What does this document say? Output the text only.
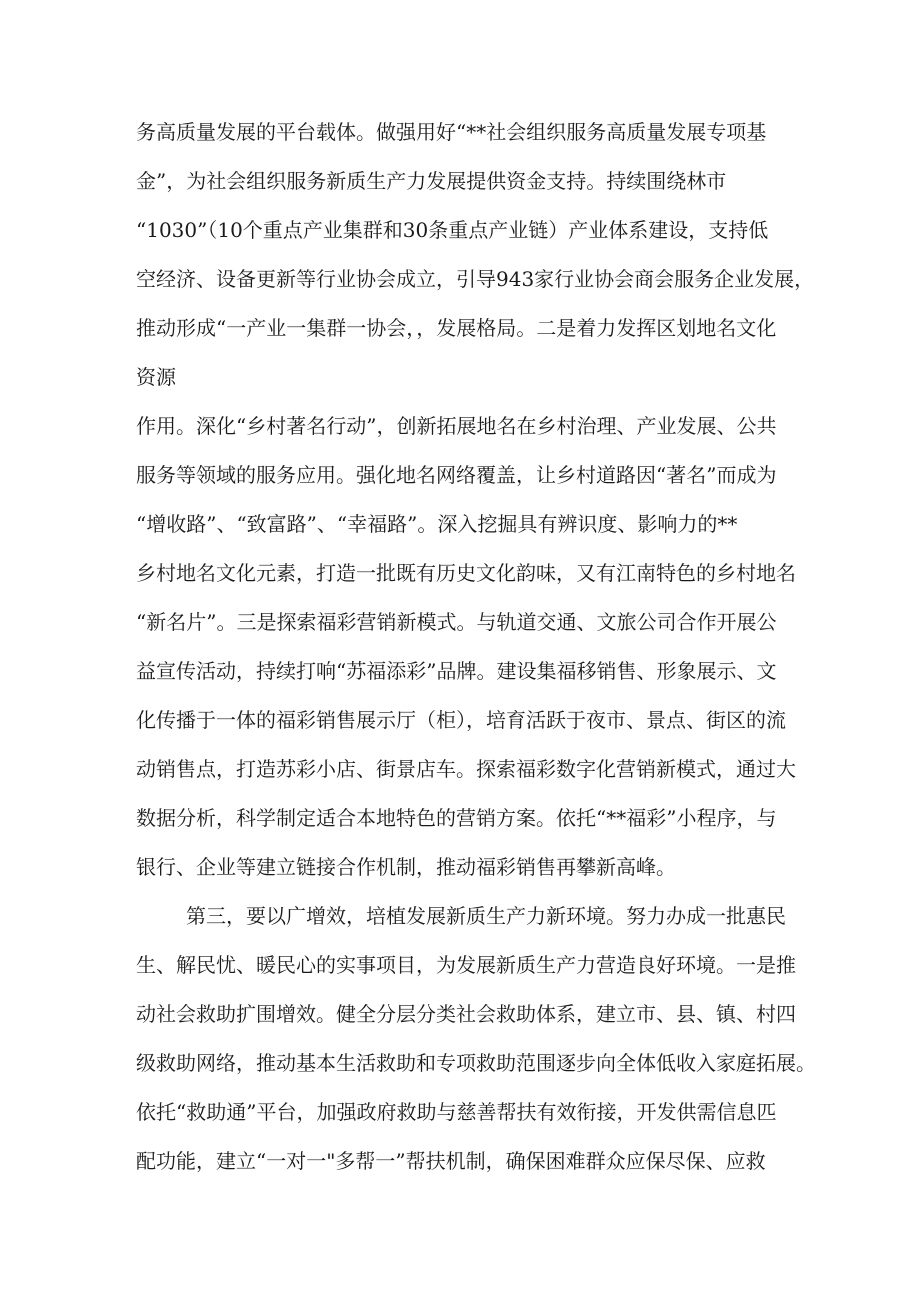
务高质量发展的平台载体。做强用好“**社会组织服务高质量发展专项基
金”，为社会组织服务新质生产力发展提供资金支持。持续围绕林市
“1030”（10个重点产业集群和30条重点产业链）产业体系建设，支持低
空经济、设备更新等行业协会成立，引导943家行业协会商会服务企业发展，
推动形成“一产业一集群一协会，，发展格局。二是着力发挥区划地名文化
资源
作用。深化“乡村著名行动”，创新拓展地名在乡村治理、产业发展、公共
服务等领域的服务应用。强化地名网络覆盖，让乡村道路因“著名”而成为
“增收路”、“致富路”、“幸福路”。深入挖掘具有辨识度、影响力的**
乡村地名文化元素，打造一批既有历史文化韵味，又有江南特色的乡村地名
“新名片”。三是探索福彩营销新模式。与轨道交通、文旅公司合作开展公
益宣传活动，持续打响“苏福添彩”品牌。建设集福移销售、形象展示、文
化传播于一体的福彩销售展示厅（柜），培育活跃于夜市、景点、街区的流
动销售点，打造苏彩小店、街景店车。探索福彩数字化营销新模式，通过大
数据分析，科学制定适合本地特色的营销方案。依托“**福彩”小程序，与
银行、企业等建立链接合作机制，推动福彩销售再攀新高峰。
第三，要以广增效，培植发展新质生产力新环境。努力办成一批惠民
生、解民忧、暖民心的实事项目，为发展新质生产力营造良好环境。一是推
动社会救助扩围增效。健全分层分类社会救助体系，建立市、县、镇、村四
级救助网络，推动基本生活救助和专项救助范围逐步向全体低收入家庭拓展。
依托“救助通”平台，加强政府救助与慈善帮扶有效衔接，开发供需信息匹
配功能，建立“一对一"多帮一”帮扶机制，确保困难群众应保尽保、应救
